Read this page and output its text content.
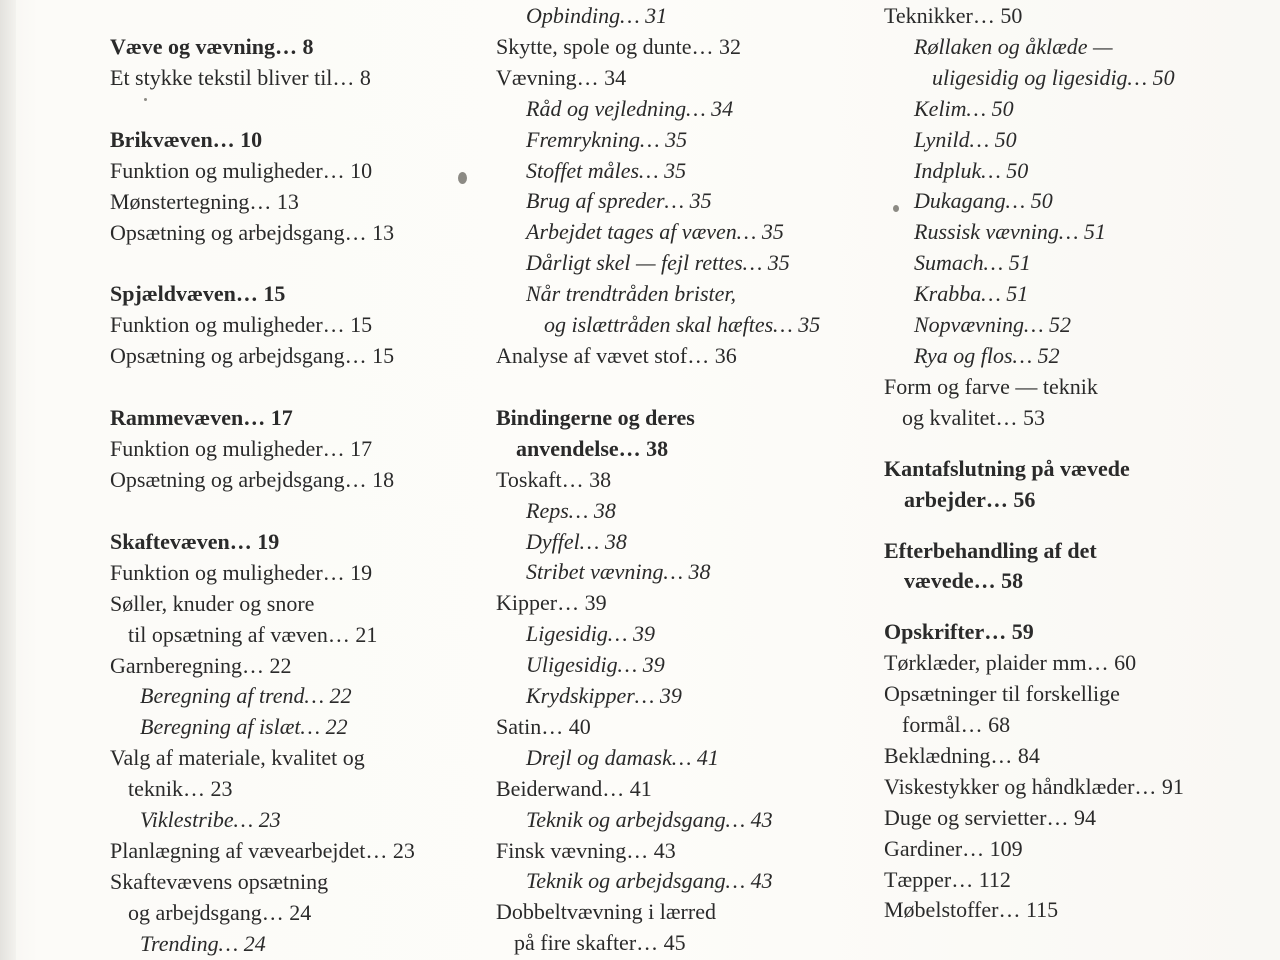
Væve og vævning… 8
Et stykke tekstil bliver til… 8
Brikvæven… 10
Funktion og muligheder… 10
Mønstertegning… 13
Opsætning og arbejdsgang… 13
Spjældvæven… 15
Funktion og muligheder… 15
Opsætning og arbejdsgang… 15
Rammevæven… 17
Funktion og muligheder… 17
Opsætning og arbejdsgang… 18
Skaftevæven… 19
Funktion og muligheder… 19
Søller, knuder og snore
til opsætning af væven… 21
Garnberegning… 22
Beregning af trend… 22
Beregning af islæt… 22
Valg af materiale, kvalitet og
teknik… 23
Viklestribe… 23
Planlægning af vævearbejdet… 23
Skaftevævens opsætning
og arbejdsgang… 24
Trending… 24
Opbinding… 31
Skytte, spole og dunte… 32
Vævning… 34
Råd og vejledning… 34
Fremrykning… 35
Stoffet måles… 35
Brug af spreder… 35
Arbejdet tages af væven… 35
Dårligt skel — fejl rettes… 35
Når trendtråden brister,
og islættråden skal hæftes… 35
Analyse af vævet stof… 36
Bindingerne og deres
anvendelse… 38
Toskaft… 38
Reps… 38
Dyffel… 38
Stribet vævning… 38
Kipper… 39
Ligesidig… 39
Uligesidig… 39
Krydskipper… 39
Satin… 40
Drejl og damask… 41
Beiderwand… 41
Teknik og arbejdsgang… 43
Finsk vævning… 43
Teknik og arbejdsgang… 43
Dobbeltvævning i lærred
på fire skafter… 45
Teknikker… 50
Røllaken og åklæde —
uligesidig og ligesidig… 50
Kelim… 50
Lynild… 50
Indpluk… 50
Dukagang… 50
Russisk vævning… 51
Sumach… 51
Krabba… 51
Nopvævning… 52
Rya og flos… 52
Form og farve — teknik
og kvalitet… 53
Kantafslutning på vævede
arbejder… 56
Efterbehandling af det
vævede… 58
Opskrifter… 59
Tørklæder, plaider mm… 60
Opsætninger til forskellige
formål… 68
Beklædning… 84
Viskestykker og håndklæder… 91
Duge og servietter… 94
Gardiner… 109
Tæpper… 112
Møbelstoffer… 115
